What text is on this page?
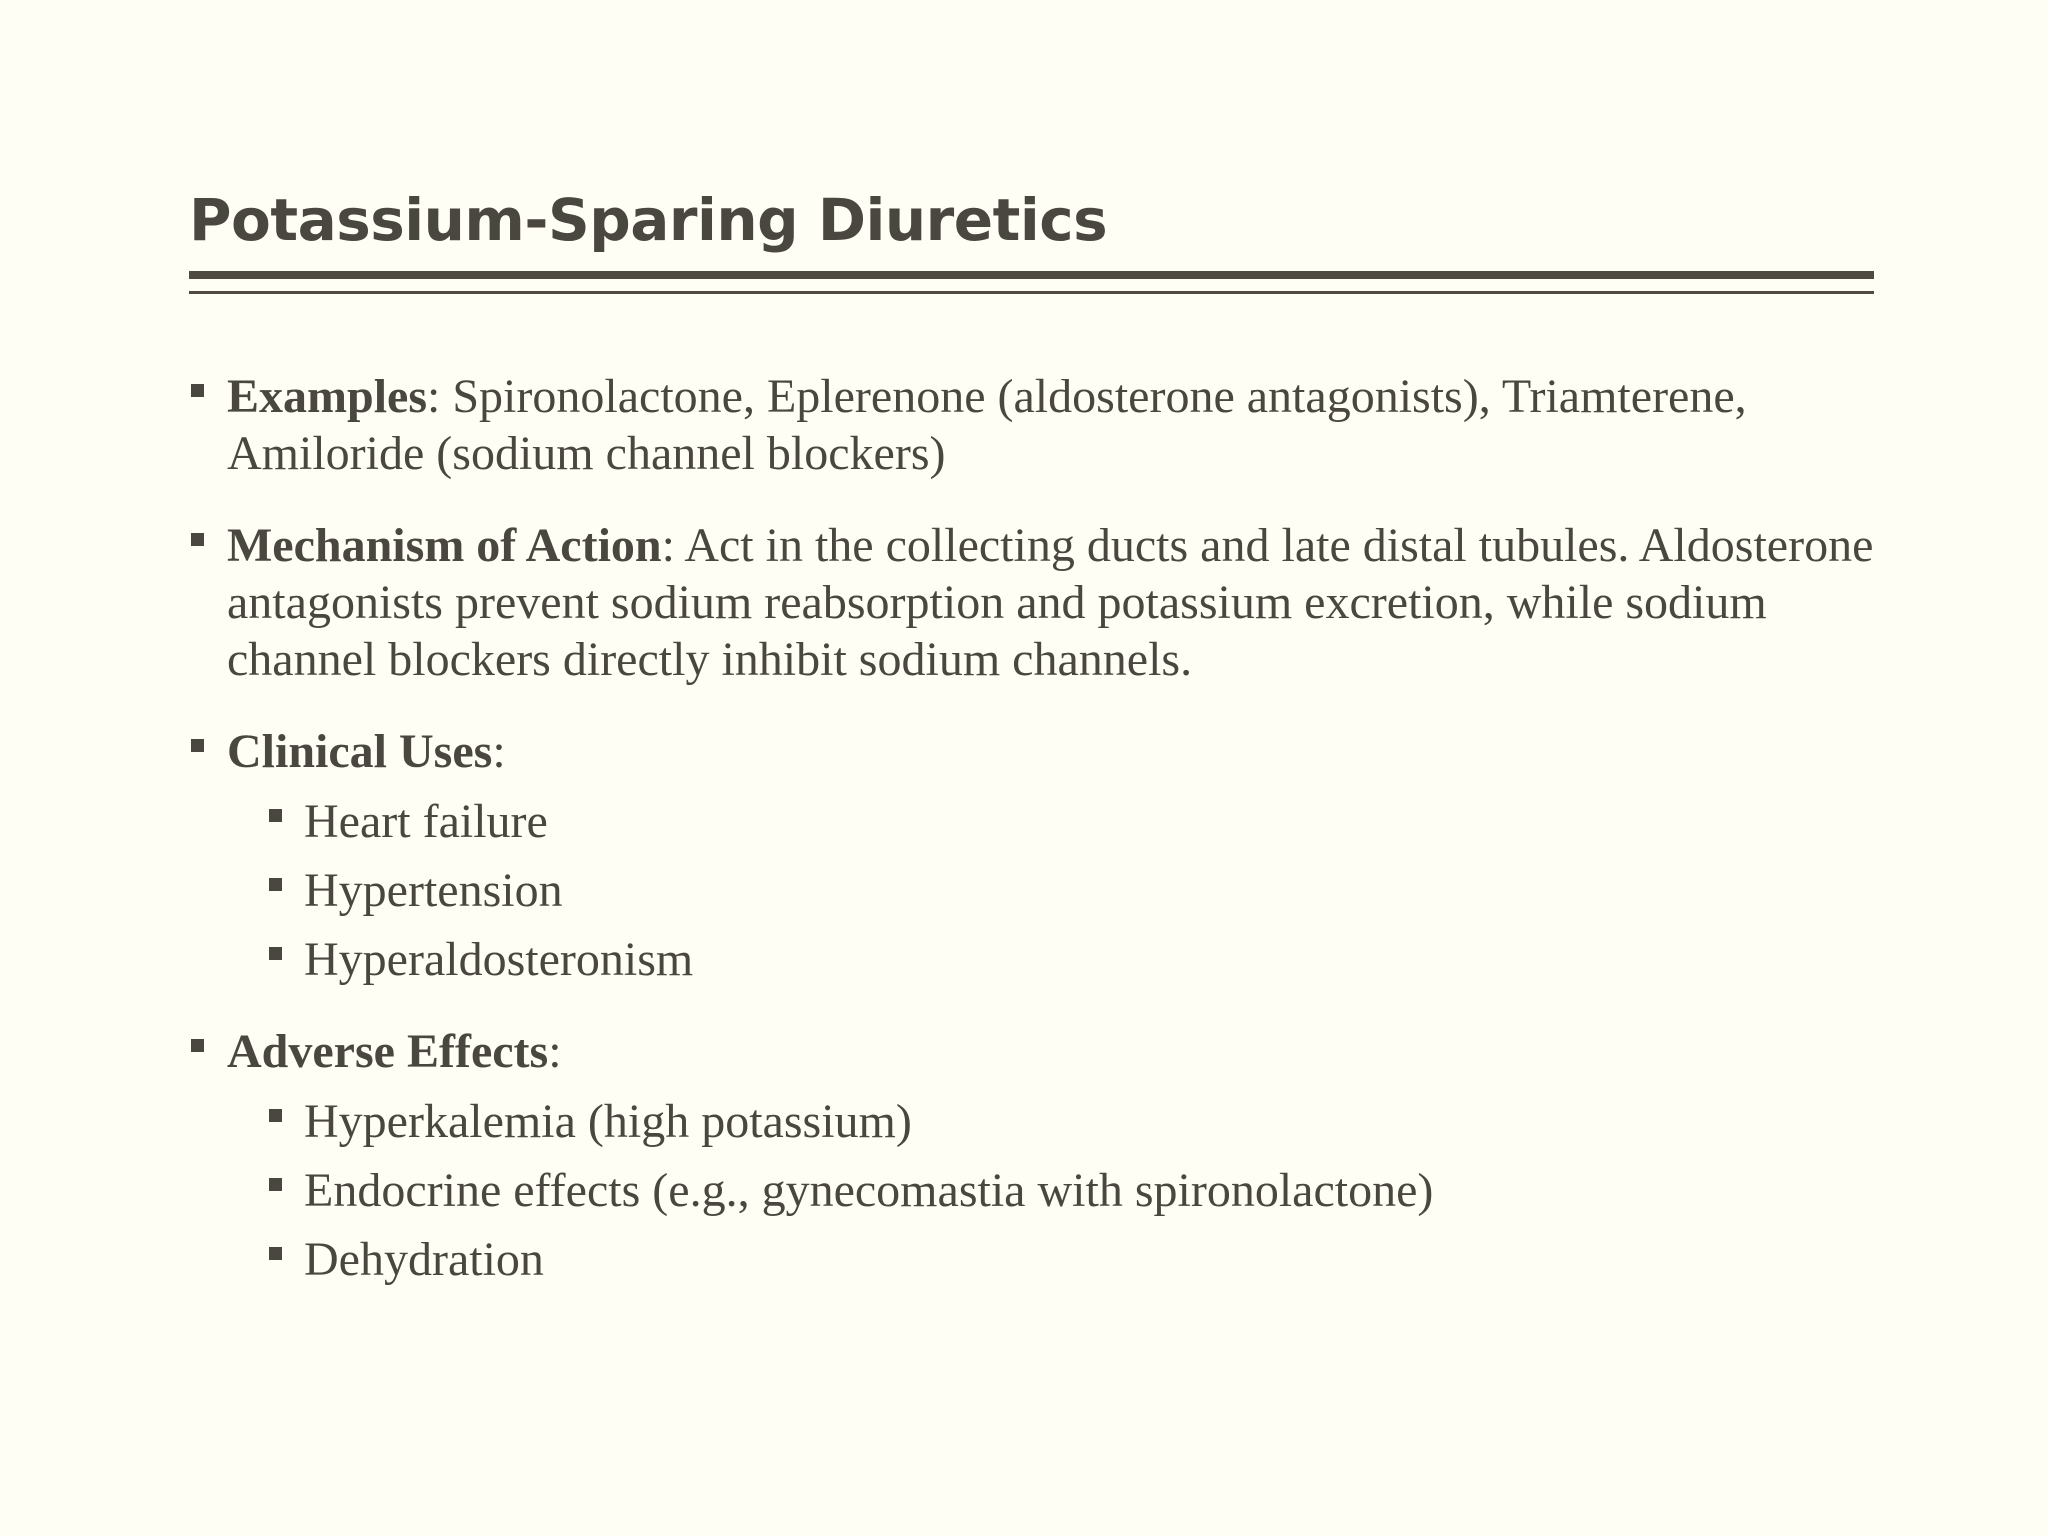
Potassium-Sparing Diuretics
Examples: Spironolactone, Eplerenone (aldosterone antagonists), Triamterene, Amiloride (sodium channel blockers)
Mechanism of Action: Act in the collecting ducts and late distal tubules. Aldosterone antagonists prevent sodium reabsorption and potassium excretion, while sodium channel blockers directly inhibit sodium channels.
Clinical Uses:
Heart failure
Hypertension
Hyperaldosteronism
Adverse Effects:
Hyperkalemia (high potassium)
Endocrine effects (e.g., gynecomastia with spironolactone)
Dehydration
